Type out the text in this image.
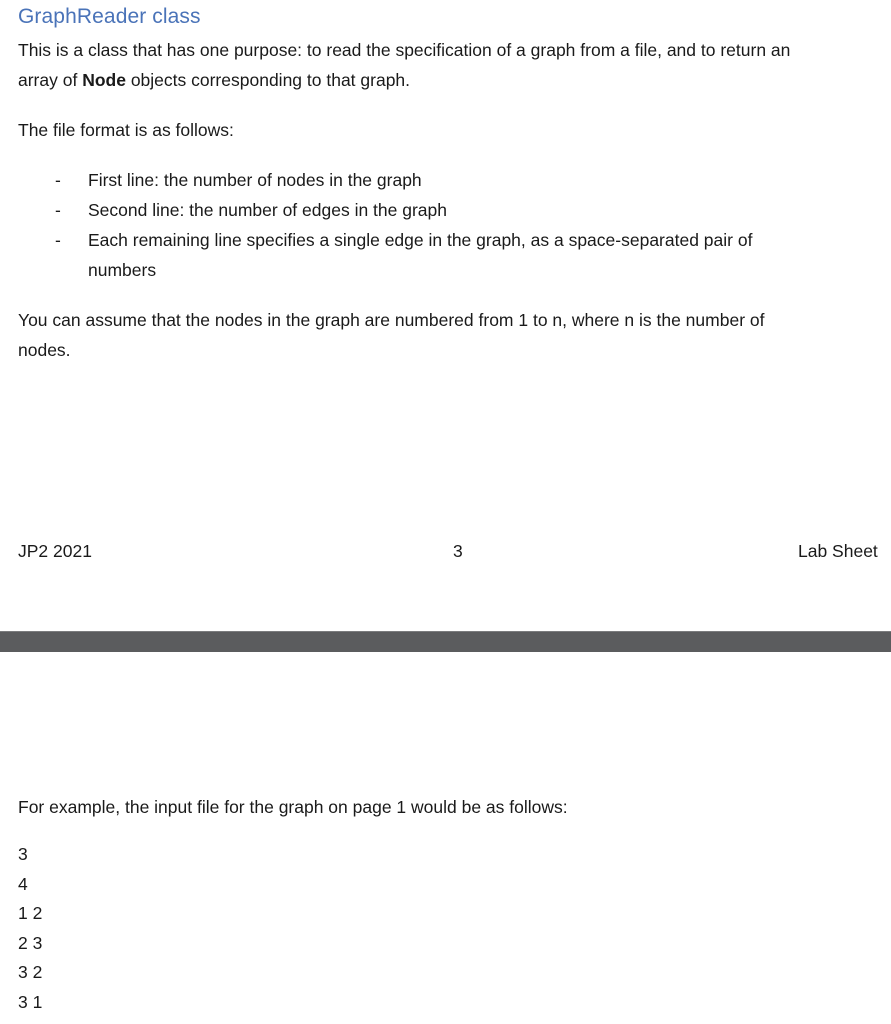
GraphReader class

This is a class that has one purpose: to read the specification of a graph from a file, and to return an

array of Node objects corresponding to that graph.

The file format is as follows:

- First line: the number of nodes in the graph
- Second line: the number of edges in the graph
- Each remaining line specifies a single edge in the graph, as a space-separated pair of
numbers

You can assume that the nodes in the graph are numbered from 1 to n, where n is the number of

nodes.

JP2 2021	3	Lab Sheet

For example, the input file for the graph on page 1 would be as follows:

3
4
1 2
2 3
3 2
3 1
